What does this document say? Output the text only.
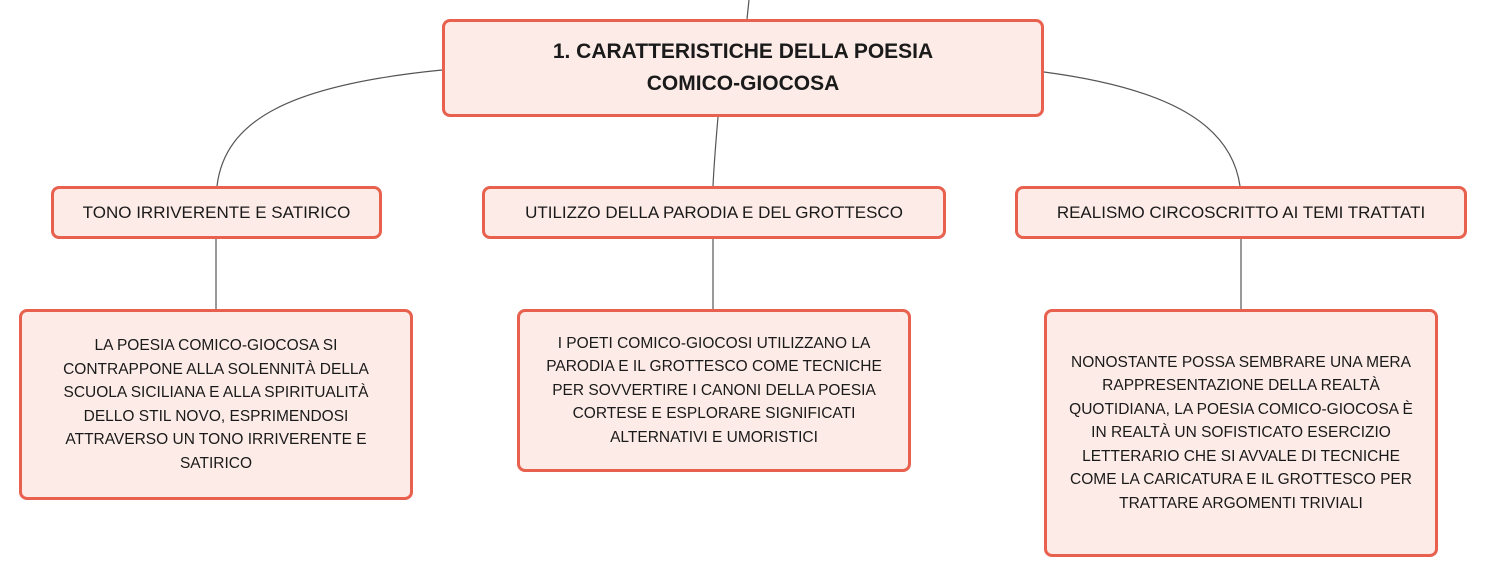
1. CARATTERISTICHE DELLA POESIA COMICO-GIOCOSA
TONO IRRIVERENTE E SATIRICO	UTILIZZO DELLA PARODIA E DEL GROTTESCO	REALISMO CIRCOSCRITTO AI TEMI TRATTATI
LA POESIA COMICO-GIOCOSA SI CONTRAPPONE ALLA SOLENNITÀ DELLA SCUOLA SICILIANA E ALLA SPIRITUALITÀ DELLO STIL NOVO, ESPRIMENDOSI ATTRAVERSO UN TONO IRRIVERENTE E SATIRICO
I POETI COMICO-GIOCOSI UTILIZZANO LA PARODIA E IL GROTTESCO COME TECNICHE PER SOVVERTIRE I CANONI DELLA POESIA CORTESE E ESPLORARE SIGNIFICATI ALTERNATIVI E UMORISTICI
NONOSTANTE POSSA SEMBRARE UNA MERA RAPPRESENTAZIONE DELLA REALTÀ QUOTIDIANA, LA POESIA COMICO-GIOCOSA È IN REALTÀ UN SOFISTICATO ESERCIZIO LETTERARIO CHE SI AVVALE DI TECNICHE COME LA CARICATURA E IL GROTTESCO PER TRATTARE ARGOMENTI TRIVIALI
